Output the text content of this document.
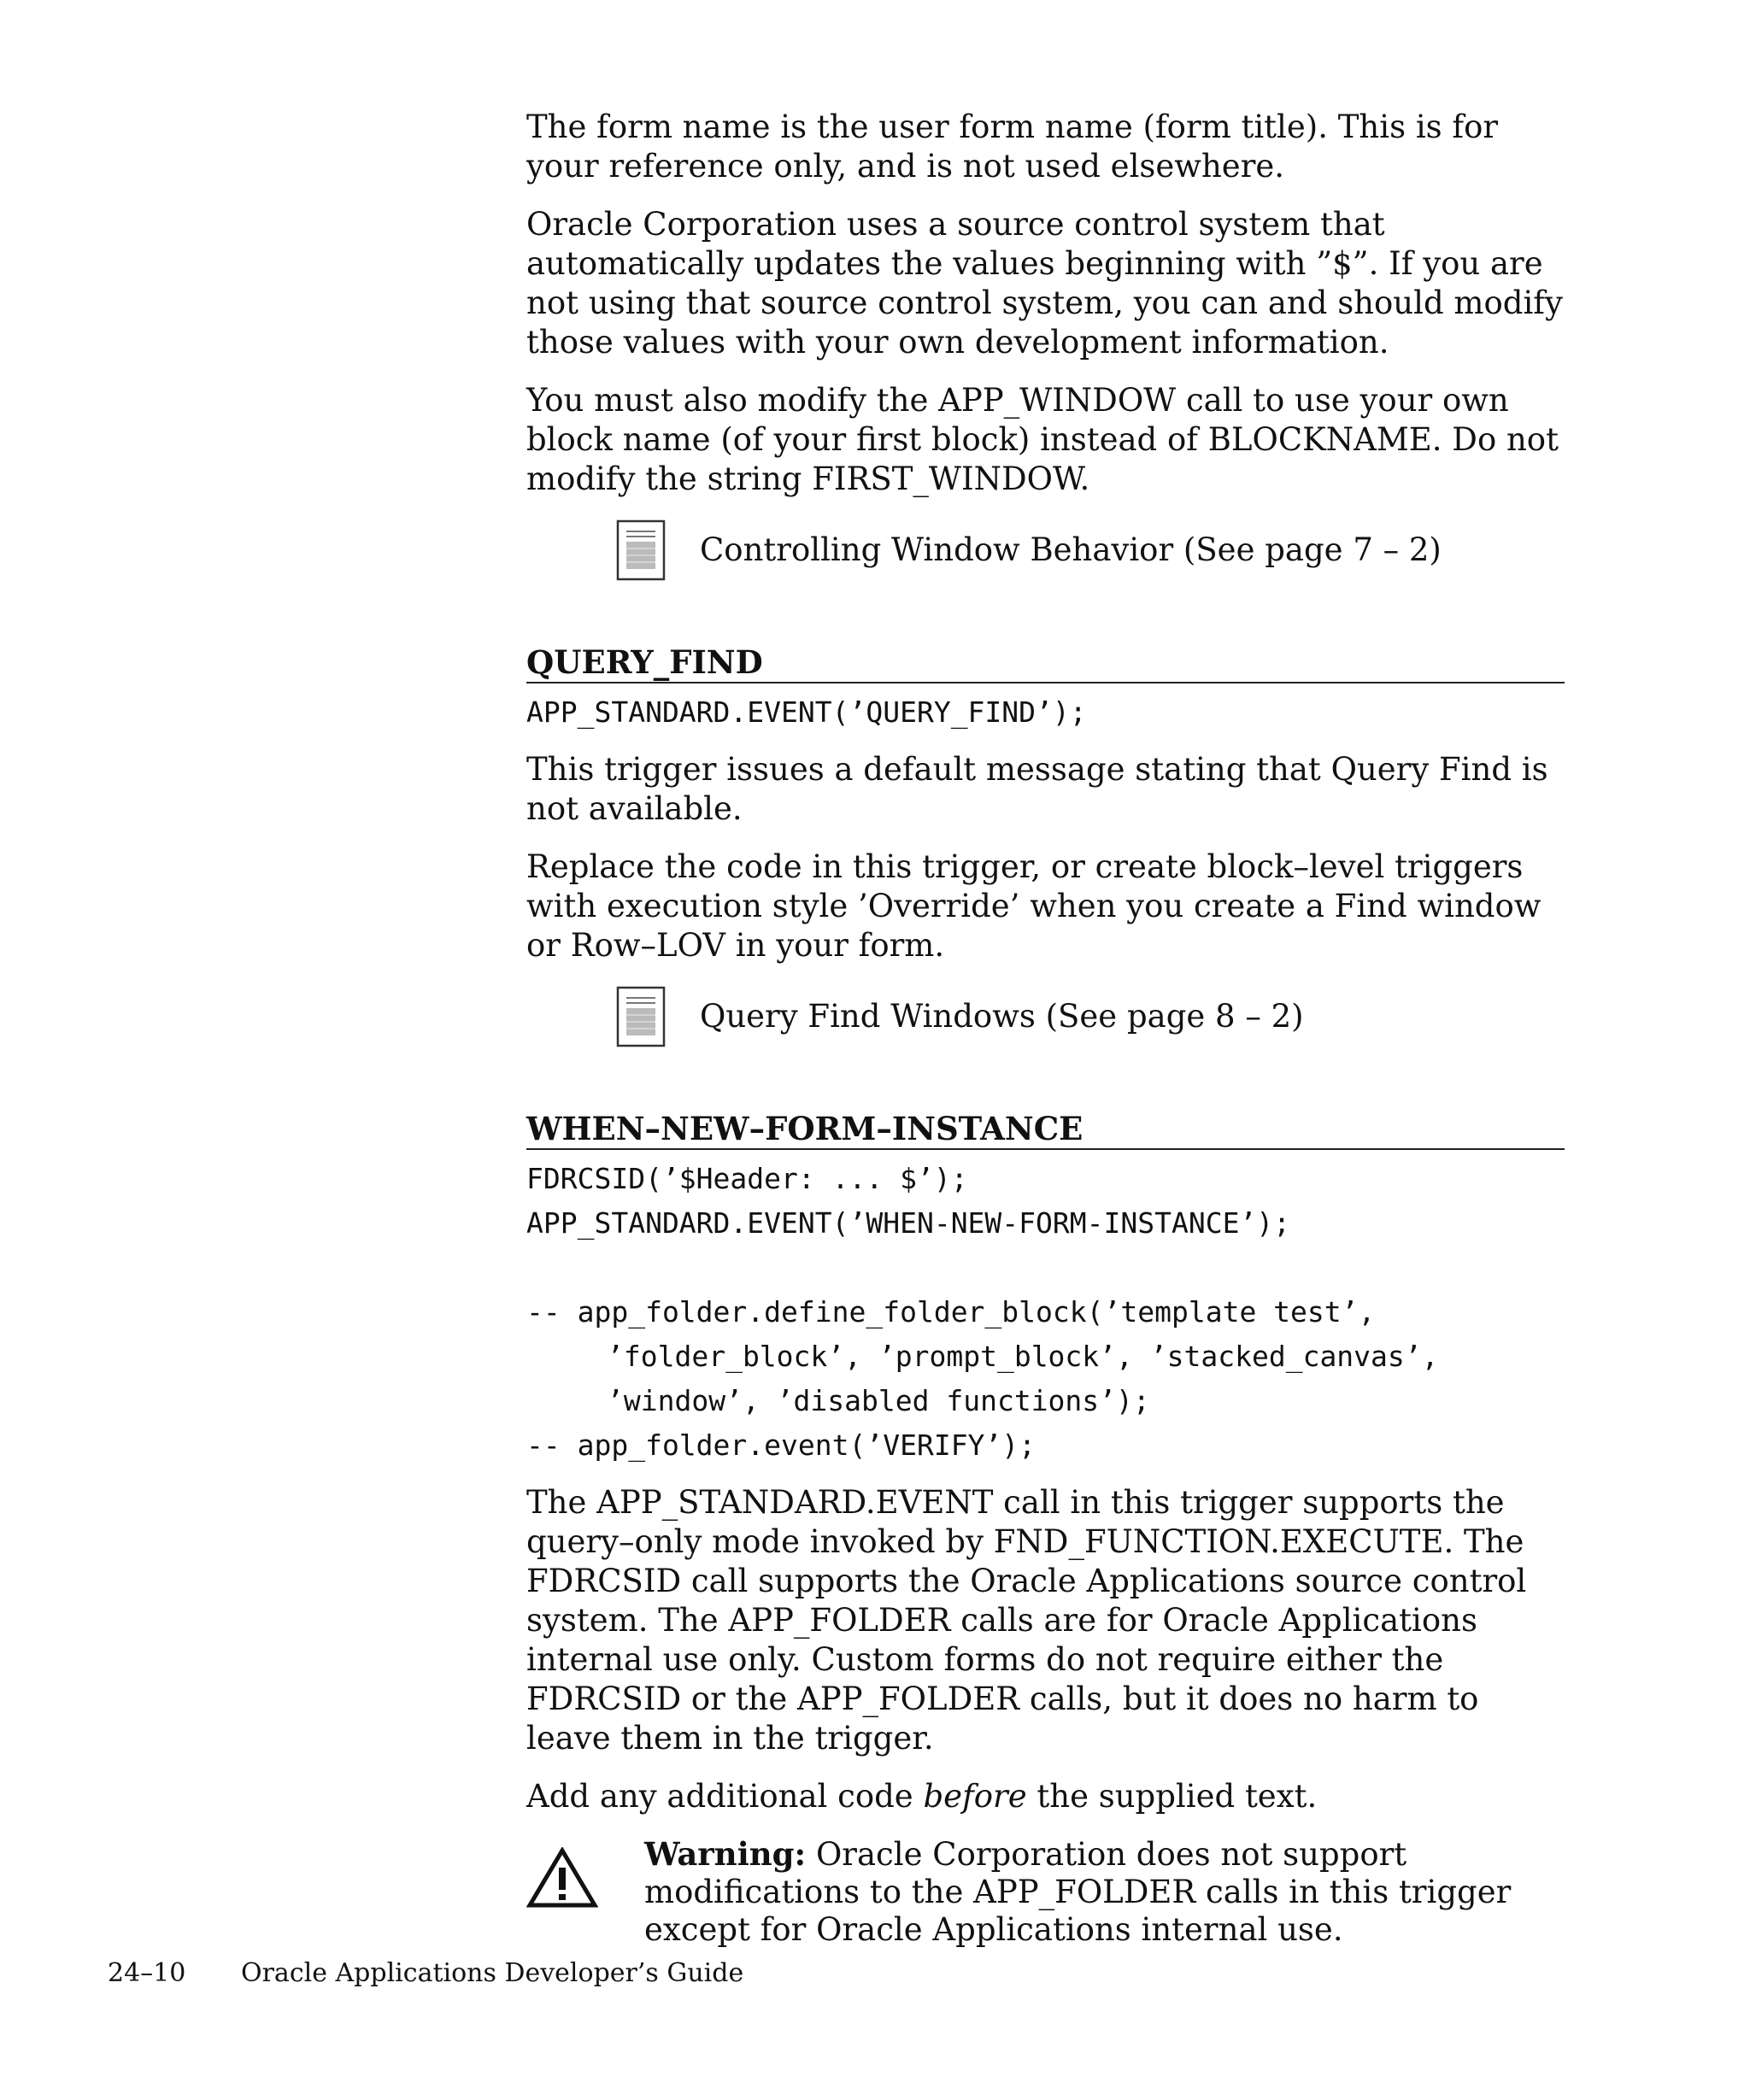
The form name is the user form name (form title). This is for your reference only, and is not used elsewhere.

Oracle Corporation uses a source control system that automatically updates the values beginning with ”$”. If you are not using that source control system, you can and should modify those values with your own development information.

You must also modify the APP_WINDOW call to use your own block name (of your first block) instead of BLOCKNAME. Do not modify the string FIRST_WINDOW.

Controlling Window Behavior (See page 7 – 2)
QUERY_FIND
APP_STANDARD.EVENT(’QUERY_FIND’);

This trigger issues a default message stating that Query Find is not available.

Replace the code in this trigger, or create block–level triggers with execution style ’Override’ when you create a Find window or Row–LOV in your form.

Query Find Windows (See page 8 – 2)
WHEN–NEW–FORM–INSTANCE
FDRCSID(’$Header: ... $’);
APP_STANDARD.EVENT(’WHEN-NEW-FORM-INSTANCE’);
-- app_folder.define_folder_block(’template test’,
’folder_block’, ’prompt_block’, ’stacked_canvas’,
’window’, ’disabled functions’);
-- app_folder.event(’VERIFY’);

The APP_STANDARD.EVENT call in this trigger supports the query–only mode invoked by FND_FUNCTION.EXECUTE. The FDRCSID call supports the Oracle Applications source control system. The APP_FOLDER calls are for Oracle Applications internal use only. Custom forms do not require either the FDRCSID or the APP_FOLDER calls, but it does no harm to leave them in the trigger.

Add any additional code before the supplied text.

Warning: Oracle Corporation does not support modifications to the APP_FOLDER calls in this trigger except for Oracle Applications internal use.
24–10 Oracle Applications Developer’s Guide
